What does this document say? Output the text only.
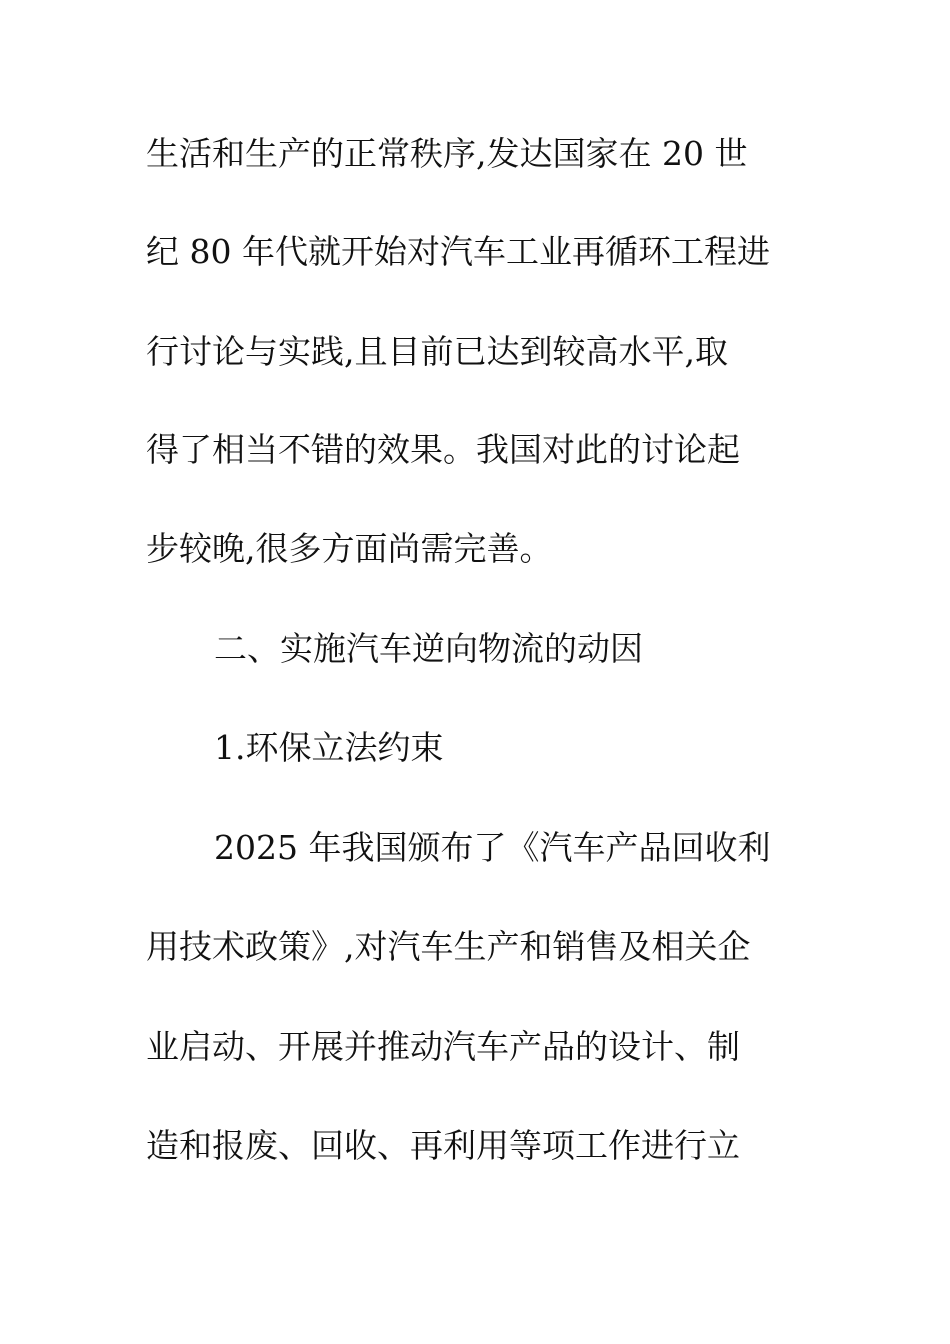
生活和生产的正常秩序,发达国家在 20 世
纪 80 年代就开始对汽车工业再循环工程进
行讨论与实践,且目前已达到较高水平,取
得了相当不错的效果。我国对此的讨论起
步较晚,很多方面尚需完善。
二、实施汽车逆向物流的动因
1.环保立法约束
2025 年我国颁布了《汽车产品回收利
用技术政策》,对汽车生产和销售及相关企
业启动、开展并推动汽车产品的设计、制
造和报废、回收、再利用等项工作进行立
